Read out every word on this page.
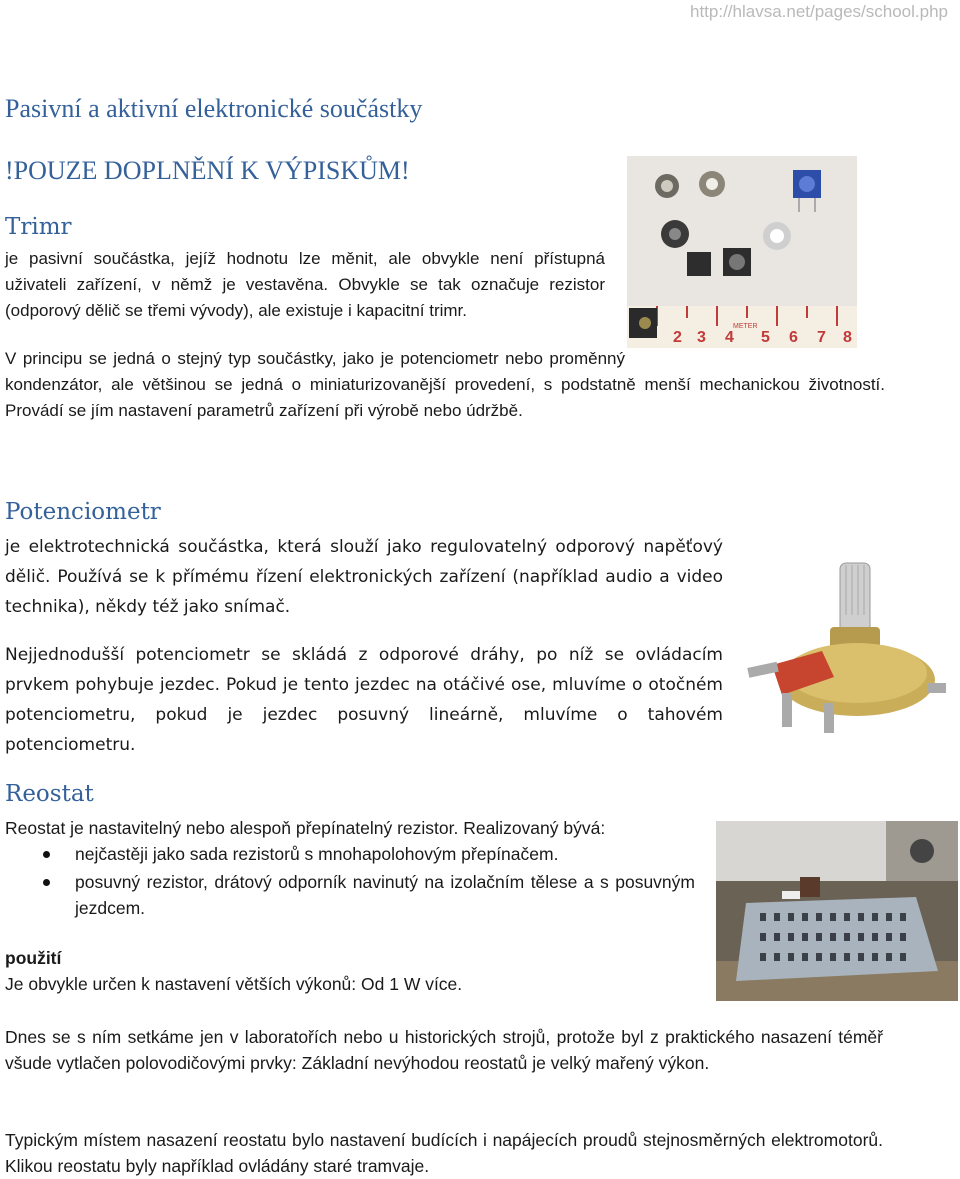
http://hlavsa.net/pages/school.php
Pasivní a aktivní elektronické součástky
!POUZE DOPLNĚNÍ K VÝPISKŮM!
Trimr
je pasivní součástka, jejíž hodnotu lze měnit, ale obvykle není přístupná uživateli zařízení, v němž je vestavěna. Obvykle se tak označuje rezistor (odporový dělič se třemi vývody), ale existuje i kapacitní trimr.
V principu se jedná o stejný typ součástky, jako je potenciometr nebo proměnný kondenzátor, ale většinou se jedná o miniaturizovanější provedení, s podstatně menší mechanickou životností. Provádí se jím nastavení parametrů zařízení při výrobě nebo údržbě.
2 3 4 5 6 7 8
METER
Potenciometr
je elektrotechnická součástka, která slouží jako regulovatelný odporový napěťový dělič. Používá se k přímému řízení elektronických zařízení (například audio a video technika), někdy též jako snímač.
Nejjednodušší potenciometr se skládá z odporové dráhy, po níž se ovládacím prvkem pohybuje jezdec. Pokud je tento jezdec na otáčivé ose, mluvíme o otočném potenciometru, pokud je jezdec posuvný lineárně, mluvíme o tahovém potenciometru.
Reostat
Reostat je nastavitelný nebo alespoň přepínatelný rezistor. Realizovaný bývá:
nejčastěji jako sada rezistorů s mnohapolohovým přepínačem.
posuvný rezistor, drátový odporník navinutý na izolačním tělese a s posuvným jezdcem.
použití
Je obvykle určen k nastavení větších výkonů: Od 1 W více.
Dnes se s ním setkáme jen v laboratořích nebo u historických strojů, protože byl z praktického nasazení téměř všude vytlačen polovodičovými prvky: Základní nevýhodou reostatů je velký mařený výkon.
Typickým místem nasazení reostatu bylo nastavení budících i napájecích proudů stejnosměrných elektromotorů. Klikou reostatu byly například ovládány staré tramvaje.
